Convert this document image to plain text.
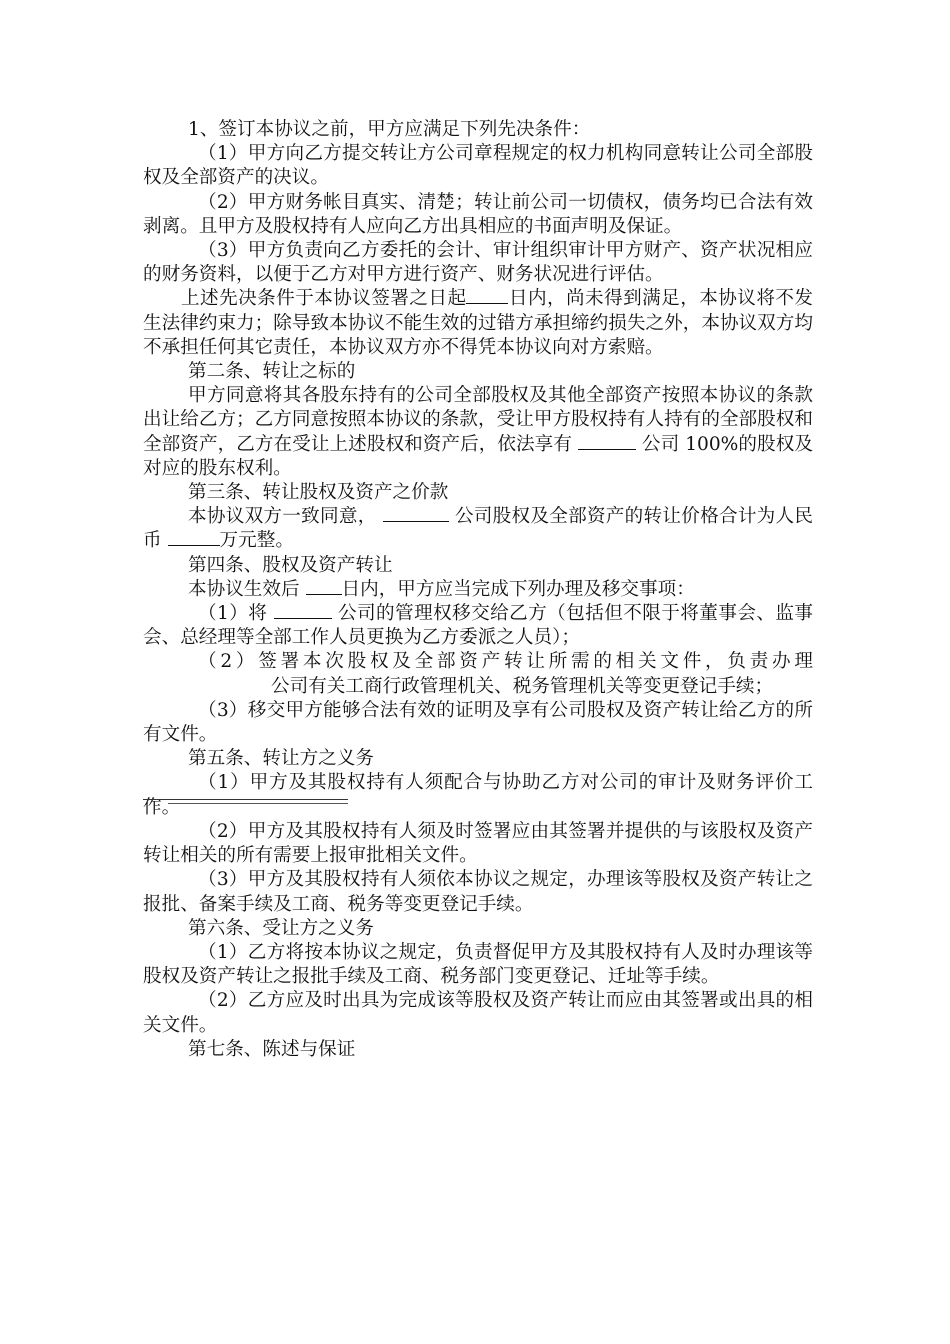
1、签订本协议之前，甲方应满足下列先决条件：

（1）甲方向乙方提交转让方公司章程规定的权力机构同意转让公司全部股权及全部资产的决议。

（2）甲方财务帐目真实、清楚；转让前公司一切债权，债务均已合法有效剥离。且甲方及股权持有人应向乙方出具相应的书面声明及保证。

（3）甲方负责向乙方委托的会计、审计组织审计甲方财产、资产状况相应的财务资料，以便于乙方对甲方进行资产、财务状况进行评估。

上述先决条件于本协议签署之日起 日内，尚未得到满足，本协议将不发生法律约束力；除导致本协议不能生效的过错方承担缔约损失之外，本协议双方均不承担任何其它责任，本协议双方亦不得凭本协议向对方索赔。

第二条、转让之标的

甲方同意将其各股东持有的公司全部股权及其他全部资产按照本协议的条款出让给乙方；乙方同意按照本协议的条款，受让甲方股权持有人持有的全部股权和全部资产，乙方在受让上述股权和资产后，依法享有	公司 100%的股权及对应的股东权利。

第三条、转让股权及资产之价款

本协议双方一致同意，	公司股权及全部资产的转让价格合计为人民币	万元整。

第四条、股权及资产转让

本协议生效后 日内，甲方应当完成下列办理及移交事项：

（1）将	公司的管理权移交给乙方（包括但不限于将董事会、监事会、总经理等全部工作人员更换为乙方委派之人员）；

（2）签署本次股权及全部资产转让所需的相关文件，负责办理公司有关工商行政管理机关、税务管理机关等变更登记手续；

（3）移交甲方能够合法有效的证明及享有公司股权及资产转让给乙方的所有文件。

第五条、转让方之义务

（1）甲方及其股权持有人须配合与协助乙方对公司的审计及财务评价工作。

（2）甲方及其股权持有人须及时签署应由其签署并提供的与该股权及资产转让相关的所有需要上报审批相关文件。

（3）甲方及其股权持有人须依本协议之规定，办理该等股权及资产转让之报批、备案手续及工商、税务等变更登记手续。

第六条、受让方之义务

（1）乙方将按本协议之规定，负责督促甲方及其股权持有人及时办理该等股权及资产转让之报批手续及工商、税务部门变更登记、迁址等手续。

（2）乙方应及时出具为完成该等股权及资产转让而应由其签署或出具的相关文件。

第七条、陈述与保证
